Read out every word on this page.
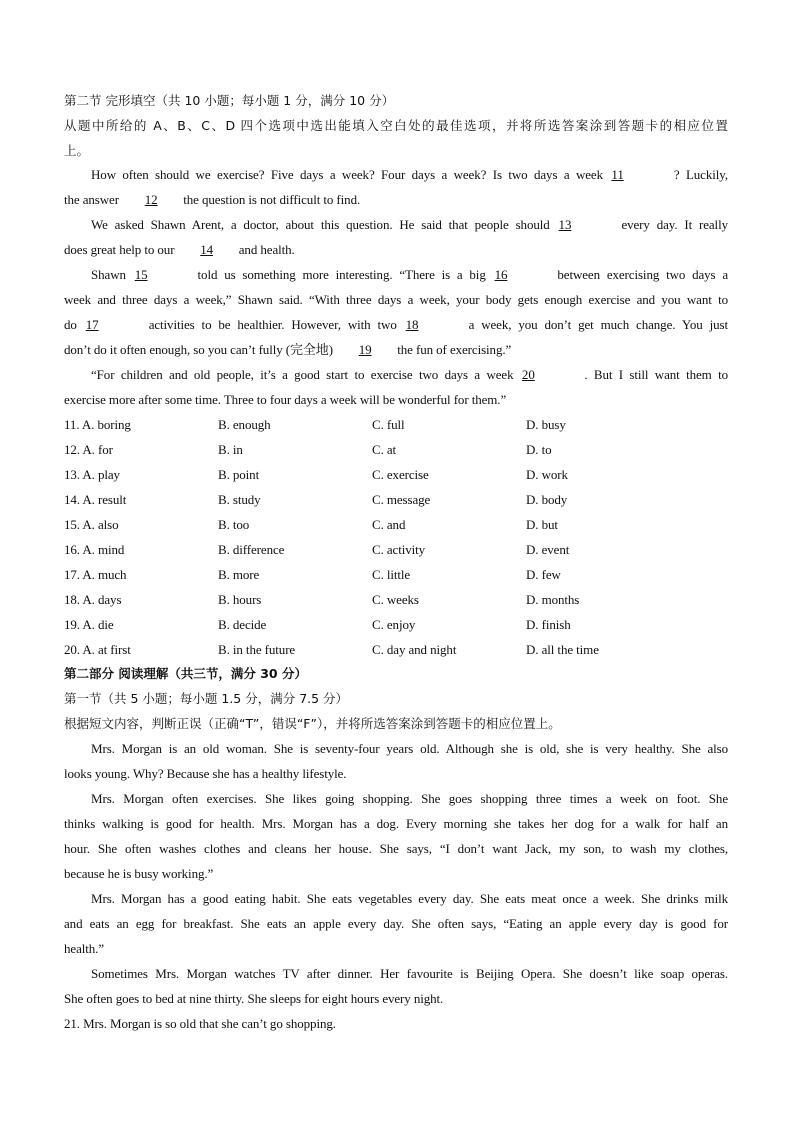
第二节 完形填空（共 10 小题；每小题 1 分，满分 10 分）
从题中所给的 A、B、C、D 四个选项中选出能填入空白处的最佳选项，并将所选答案涂到答题卡的相应位置
上。
How often should we exercise? Five days a week? Four days a week? Is two days a week 11	? Luckily,
the answer 12 the question is not difficult to find.
We asked Shawn Arent, a doctor, about this question. He said that people should 13	every day. It really
does great help to our 14 and health.
Shawn 15	told us something more interesting. “There is a big 16	between exercising two days a
week and three days a week,” Shawn said. “With three days a week, your body gets enough exercise and you want to
do 17	activities to be healthier. However, with two 18	a week, you don’t get much change. You just
don’t do it often enough, so you can’t fully (完全地) 19 the fun of exercising.”
“For children and old people, it’s a good start to exercise two days a week 20	. But I still want them to
exercise more after some time. Three to four days a week will be wonderful for them.”
11. A. boring	B. enough	C. full	D. busy
12. A. for	B. in	C. at	D. to
13. A. play	B. point	C. exercise	D. work
14. A. result	B. study	C. message	D. body
15. A. also	B. too	C. and	D. but
16. A. mind	B. difference	C. activity	D. event
17. A. much	B. more	C. little	D. few
18. A. days	B. hours	C. weeks	D. months
19. A. die	B. decide	C. enjoy	D. finish
20. A. at first	B. in the future	C. day and night	D. all the time
第二部分 阅读理解（共三节，满分 30 分）
第一节（共 5 小题；每小题 1.5 分，满分 7.5 分）
根据短文内容，判断正误（正确“T”，错误“F”），并将所选答案涂到答题卡的相应位置上。
Mrs. Morgan is an old woman. She is seventy-four years old. Although she is old, she is very healthy. She also
looks young. Why? Because she has a healthy lifestyle.
Mrs. Morgan often exercises. She likes going shopping. She goes shopping three times a week on foot. She
thinks walking is good for health. Mrs. Morgan has a dog. Every morning she takes her dog for a walk for half an
hour. She often washes clothes and cleans her house. She says, “I don’t want Jack, my son, to wash my clothes,
because he is busy working.”
Mrs. Morgan has a good eating habit. She eats vegetables every day. She eats meat once a week. She drinks milk
and eats an egg for breakfast. She eats an apple every day. She often says, “Eating an apple every day is good for
health.”
Sometimes Mrs. Morgan watches TV after dinner. Her favourite is Beijing Opera. She doesn’t like soap operas.
She often goes to bed at nine thirty. She sleeps for eight hours every night.
21. Mrs. Morgan is so old that she can’t go shopping.
